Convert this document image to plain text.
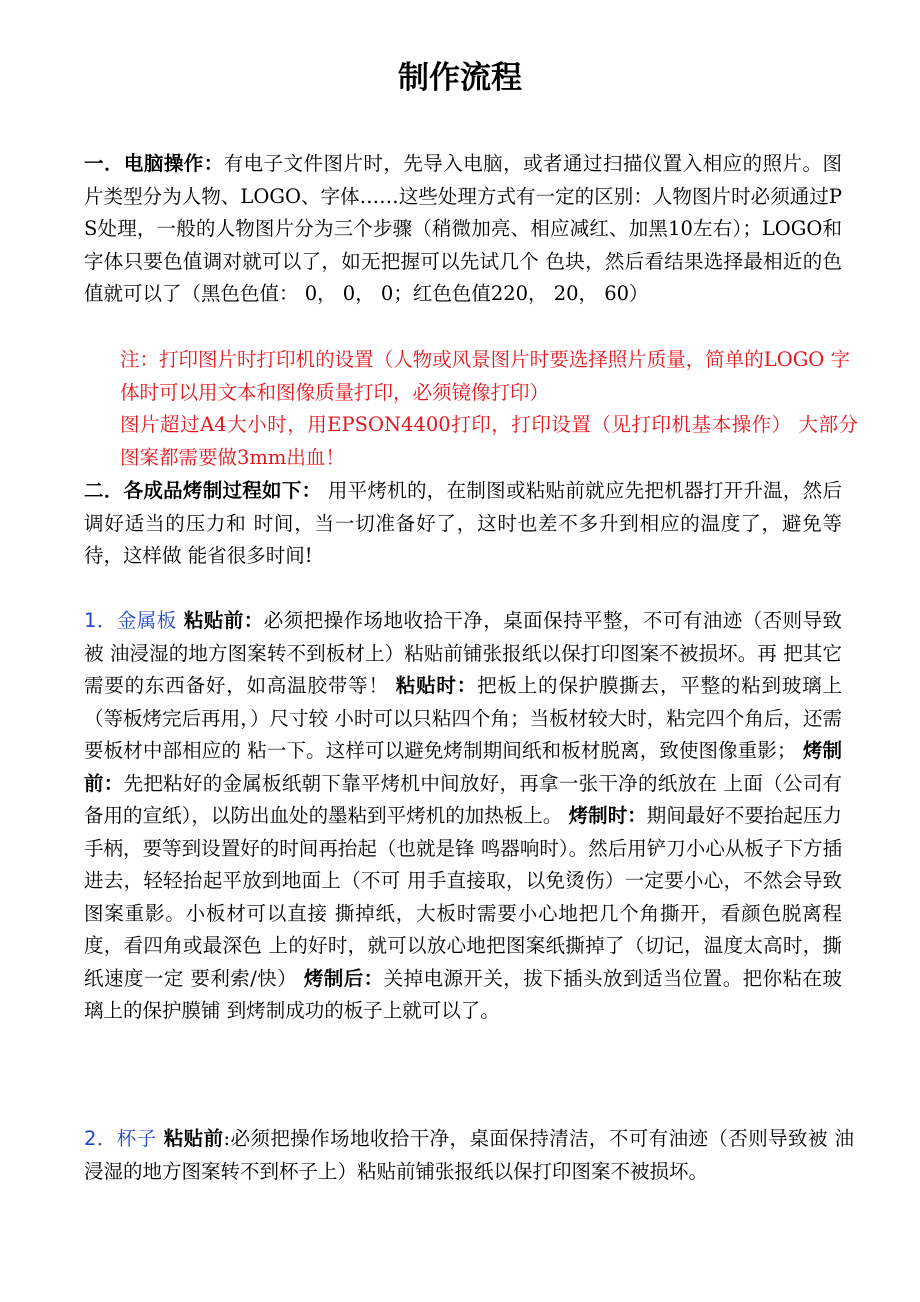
制作流程
一．电脑操作：有电子文件图片时，先导入电脑，或者通过扫描仪置入相应的照片。图片类型分为人物、LOGO、字体……这些处理方式有一定的区别：人物图片时必须通过PS处理，一般的人物图片分为三个步骤（稍微加亮、相应减红、加黑10左右）；LOGO和字体只要色值调对就可以了，如无把握可以先试几个 色块，然后看结果选择最相近的色值就可以了（黑色色值： 0， 0， 0；红色色值220， 20， 60）
注：打印图片时打印机的设置（人物或风景图片时要选择照片质量，简单的LOGO 字体时可以用文本和图像质量打印，必须镜像打印）
图片超过A4大小时，用EPSON4400打印，打印设置（见打印机基本操作） 大部分图案都需要做3mm出血！
二．各成品烤制过程如下： 用平烤机的，在制图或粘贴前就应先把机器打开升温，然后调好适当的压力和 时间，当一切准备好了，这时也差不多升到相应的温度了，避免等待，这样做 能省很多时间!
1．金属板 粘贴前：必须把操作场地收拾干净，桌面保持平整，不可有油迹（否则导致被 油浸湿的地方图案转不到板材上）粘贴前铺张报纸以保打印图案不被损坏。再 把其它需要的东西备好，如高温胶带等！ 粘贴时：把板上的保护膜撕去，平整的粘到玻璃上（等板烤完后再用，）尺寸较 小时可以只粘四个角；当板材较大时，粘完四个角后，还需要板材中部相应的 粘一下。这样可以避免烤制期间纸和板材脱离，致使图像重影； 烤制前：先把粘好的金属板纸朝下靠平烤机中间放好，再拿一张干净的纸放在 上面（公司有备用的宣纸），以防出血处的墨粘到平烤机的加热板上。 烤制时：期间最好不要抬起压力手柄，要等到设置好的时间再抬起（也就是锋 鸣器响时）。然后用铲刀小心从板子下方插进去，轻轻抬起平放到地面上（不可 用手直接取，以免烫伤）一定要小心，不然会导致图案重影。小板材可以直接 撕掉纸，大板时需要小心地把几个角撕开，看颜色脱离程度，看四角或最深色 上的好时，就可以放心地把图案纸撕掉了（切记，温度太高时，撕纸速度一定 要利索/快） 烤制后：关掉电源开关，拔下插头放到适当位置。把你粘在玻璃上的保护膜铺 到烤制成功的板子上就可以了。
2．杯子 粘贴前:必须把操作场地收拾干净，桌面保持清洁，不可有油迹（否则导致被 油浸湿的地方图案转不到杯子上）粘贴前铺张报纸以保打印图案不被损坏。
